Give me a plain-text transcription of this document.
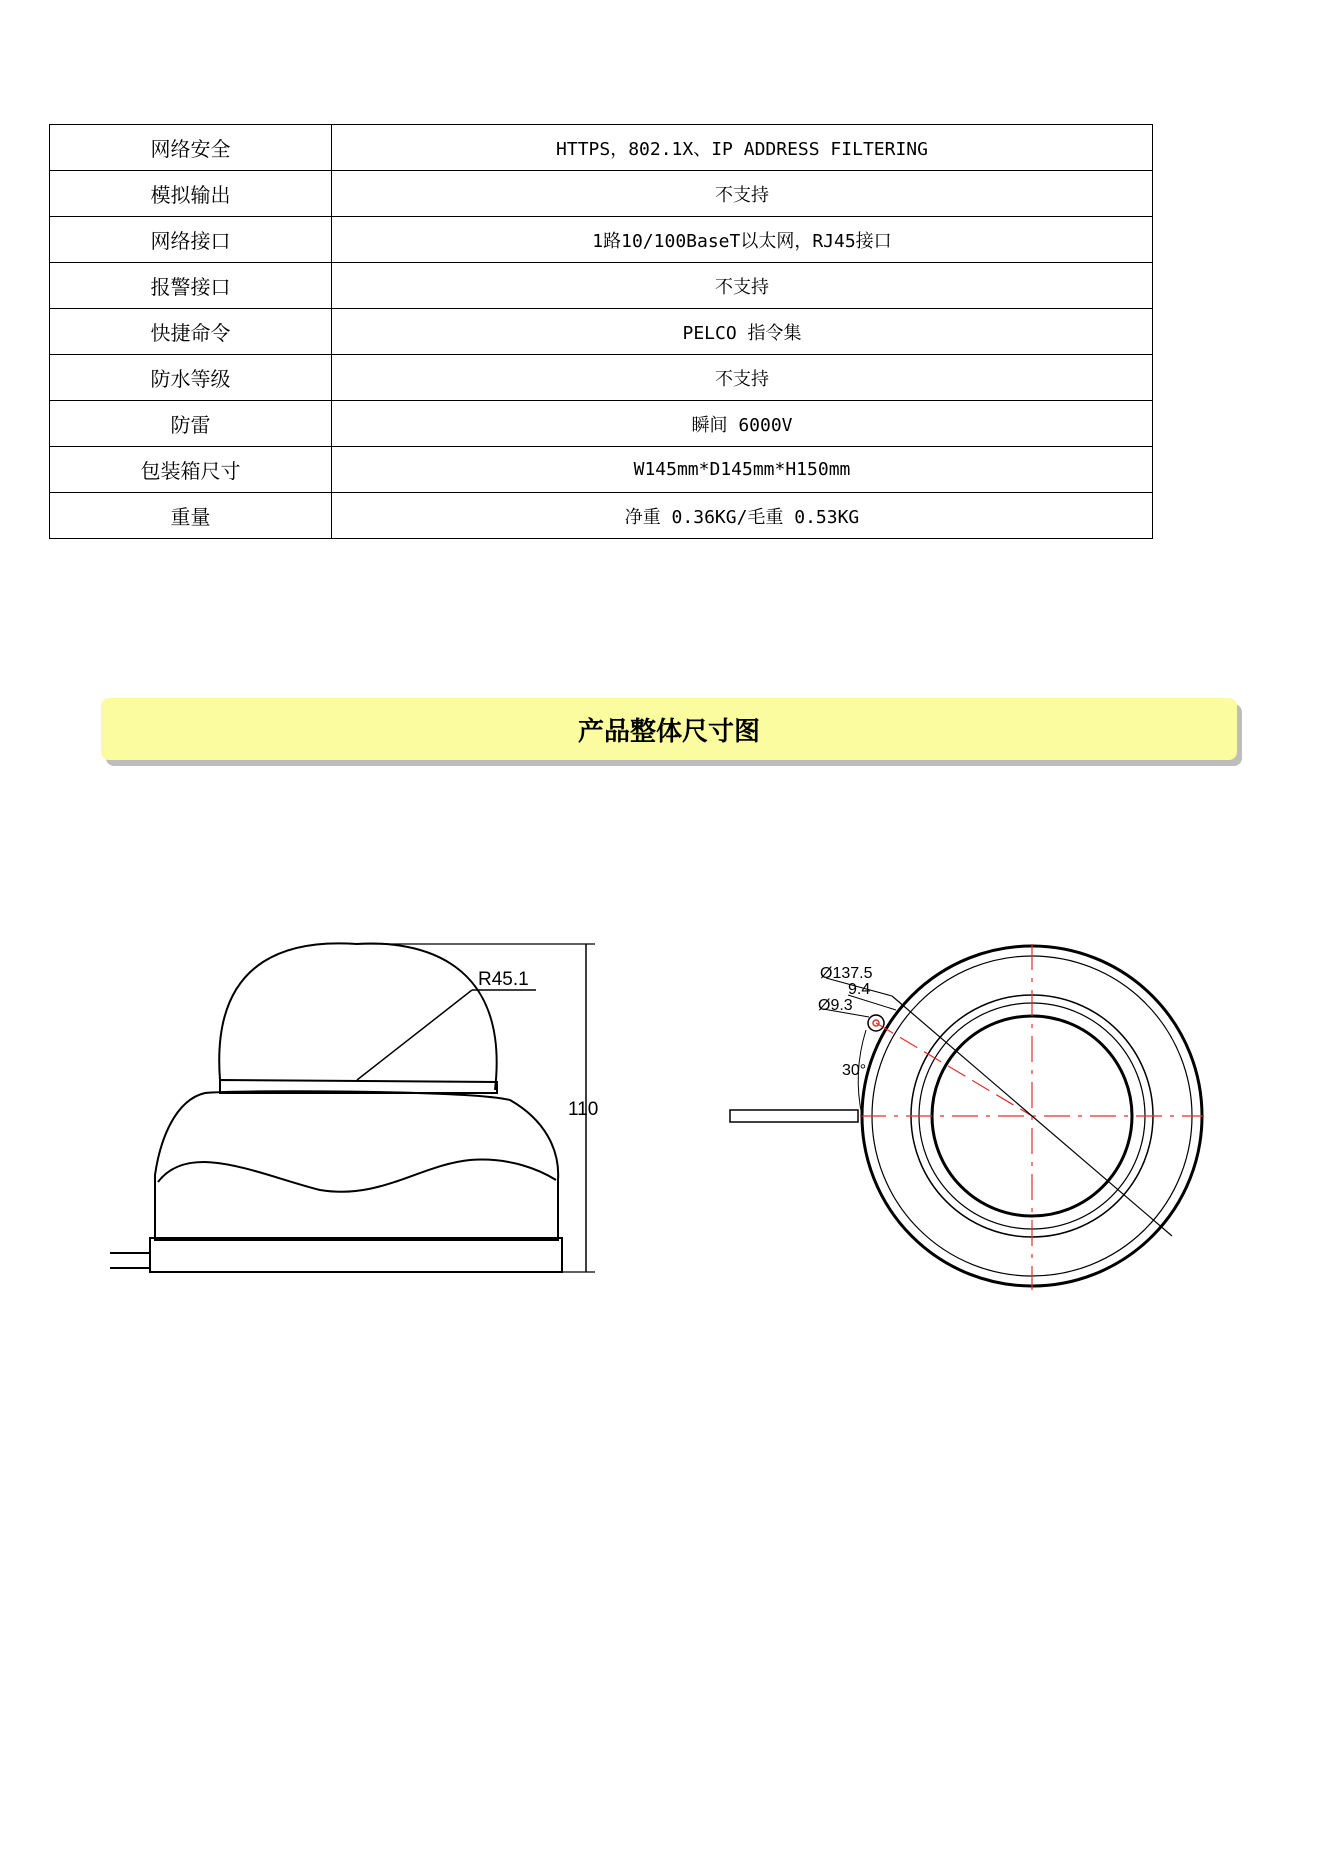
网络安全	HTTPS，802.1X、IP ADDRESS FILTERING
模拟输出	不支持
网络接口	1路10/100BaseT以太网，RJ45接口
报警接口	不支持
快捷命令	PELCO 指令集
防水等级	不支持
防雷	瞬间 6000V
包装箱尺寸	W145mm*D145mm*H150mm
重量	净重 0.36KG/毛重 0.53KG
产品整体尺寸图
R45.1
110
Ø137.5
9.4
Ø9.3
30°
